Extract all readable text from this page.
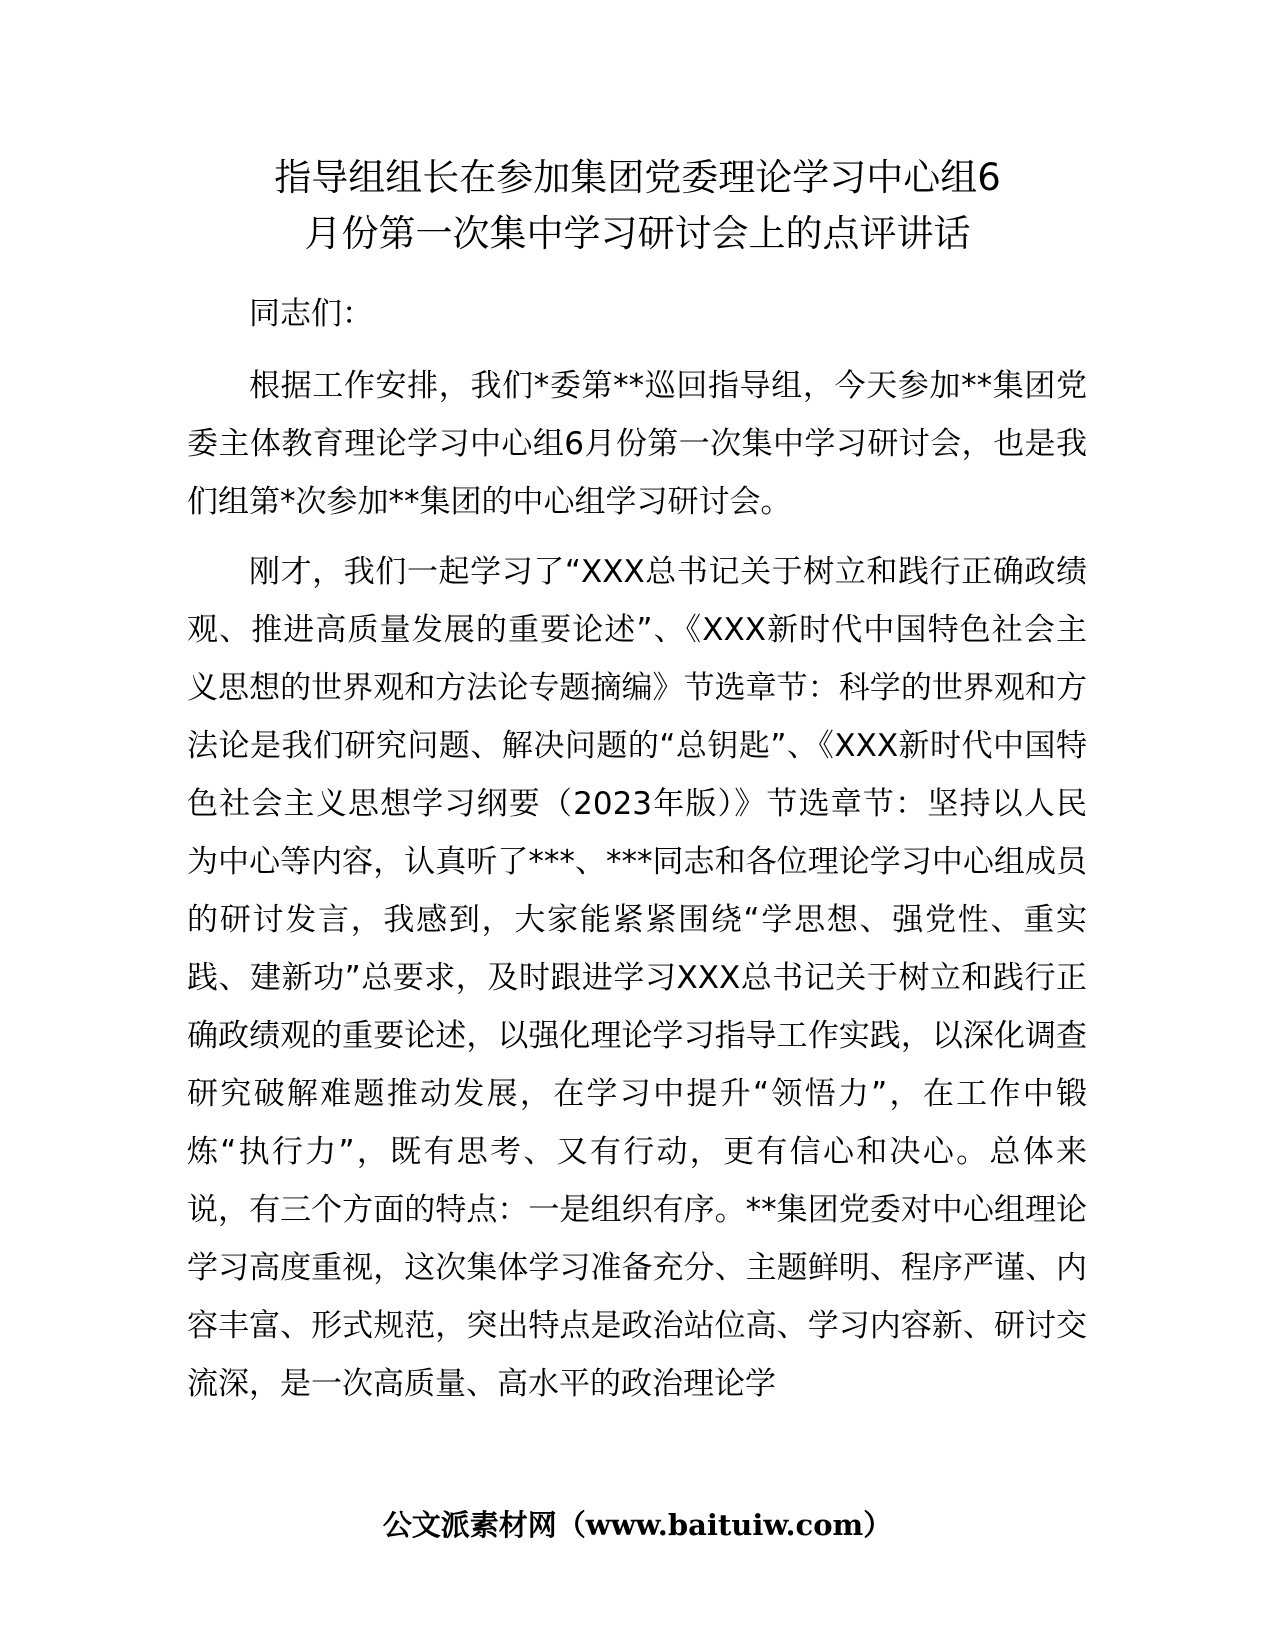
指导组组长在参加集团党委理论学习中心组6
月份第一次集中学习研讨会上的点评讲话

同志们：

根据工作安排，我们*委第**巡回指导组，今天参加**集团党委主体教育理论学习中心组6月份第一次集中学习研讨会，也是我们组第*次参加**集团的中心组学习研讨会。

刚才，我们一起学习了“XXX总书记关于树立和践行正确政绩观、推进高质量发展的重要论述”、《XXX新时代中国特色社会主义思想的世界观和方法论专题摘编》节选章节：科学的世界观和方法论是我们研究问题、解决问题的“总钥匙”、《XXX新时代中国特色社会主义思想学习纲要（2023年版）》节选章节：坚持以人民为中心等内容，认真听了***、***同志和各位理论学习中心组成员的研讨发言，我感到，大家能紧紧围绕“学思想、强党性、重实践、建新功”总要求，及时跟进学习XXX总书记关于树立和践行正确政绩观的重要论述，以强化理论学习指导工作实践，以深化调查研究破解难题推动发展，在学习中提升“领悟力”，在工作中锻炼“执行力”，既有思考、又有行动，更有信心和决心。总体来说，有三个方面的特点：一是组织有序。**集团党委对中心组理论学习高度重视，这次集体学习准备充分、主题鲜明、程序严谨、内容丰富、形式规范，突出特点是政治站位高、学习内容新、研讨交流深，是一次高质量、高水平的政治理论学

公文派素材网（www.baituiw.com）
